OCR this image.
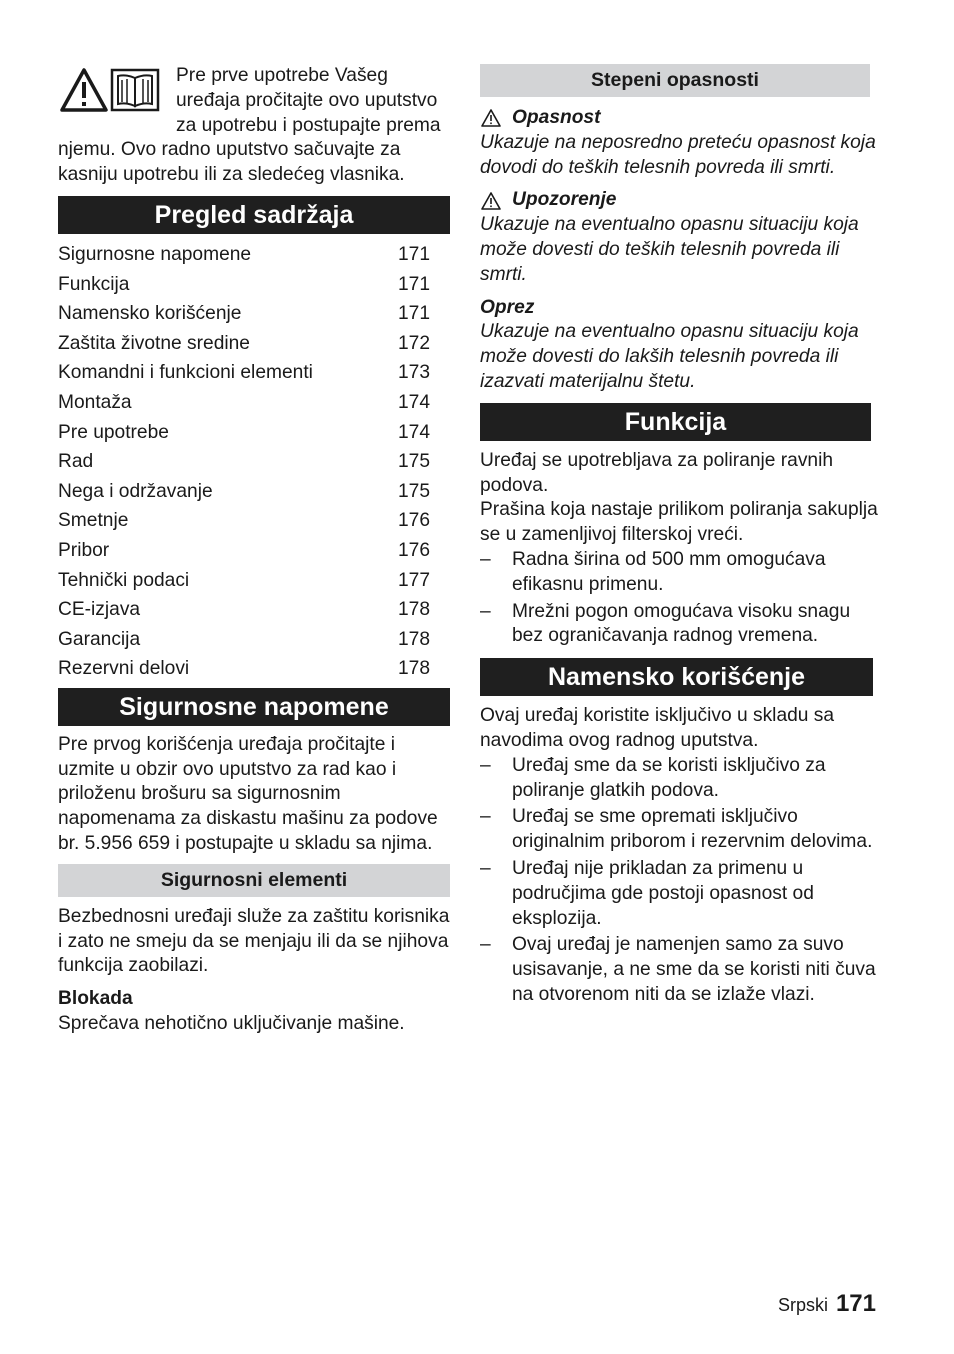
Pre prve upotrebe Vašeg uređaja pročitajte ovo uputstvo za upotrebu i postupajte prema njemu. Ovo radno uputstvo sačuvajte za kasniju upotrebu ili za sledećeg vlasnika.

Pregled sadržaja
Sigurnosne napomene	171
Funkcija	171
Namensko korišćenje	171
Zaštita životne sredine	172
Komandni i funkcioni elementi	173
Montaža	174
Pre upotrebe	174
Rad	175
Nega i održavanje	175
Smetnje	176
Pribor	176
Tehnički podaci	177
CE-izjava	178
Garancija	178
Rezervni delovi	178
Sigurnosne napomene

Pre prvog korišćenja uređaja pročitajte i uzmite u obzir ovo uputstvo za rad kao i priloženu brošuru sa sigurnosnim napomenama za diskastu mašinu za podove br. 5.956 659 i postupajte u skladu sa njima.

Sigurnosni elementi

Bezbednosni uređaji služe za zaštitu korisnika i zato ne smeju da se menjaju ili da se njihova funkcija zaobilazi.

Blokada

Sprečava nehotično uključivanje mašine.

Stepeni opasnosti

Opasnost

Ukazuje na neposredno preteću opasnost koja dovodi do teških telesnih povreda ili smrti.

Upozorenje

Ukazuje na eventualno opasnu situaciju koja može dovesti do teških telesnih povreda ili smrti.

Oprez

Ukazuje na eventualno opasnu situaciju koja može dovesti do lakših telesnih povreda ili izazvati materijalnu štetu.

Funkcija

Uređaj se upotrebljava za poliranje ravnih podova.

Prašina koja nastaje prilikom poliranja sakuplja se u zamenljivoj filterskoj vreći.

– Radna širina od 500 mm omogućava efikasnu primenu.
– Mrežni pogon omogućava visoku snagu bez ograničavanja radnog vremena.
Namensko korišćenje

Ovaj uređaj koristite isključivo u skladu sa navodima ovog radnog uputstva.

– Uređaj sme da se koristi isključivo za poliranje glatkih podova.
– Uređaj se sme opremati isključivo originalnim priborom i rezervnim delovima.
– Uređaj nije prikladan za primenu u područjima gde postoji opasnost od eksplozija.
– Ovaj uređaj je namenjen samo za suvo usisavanje, a ne sme da se koristi niti čuva na otvorenom niti da se izlaže vlazi.
Srpski 171
